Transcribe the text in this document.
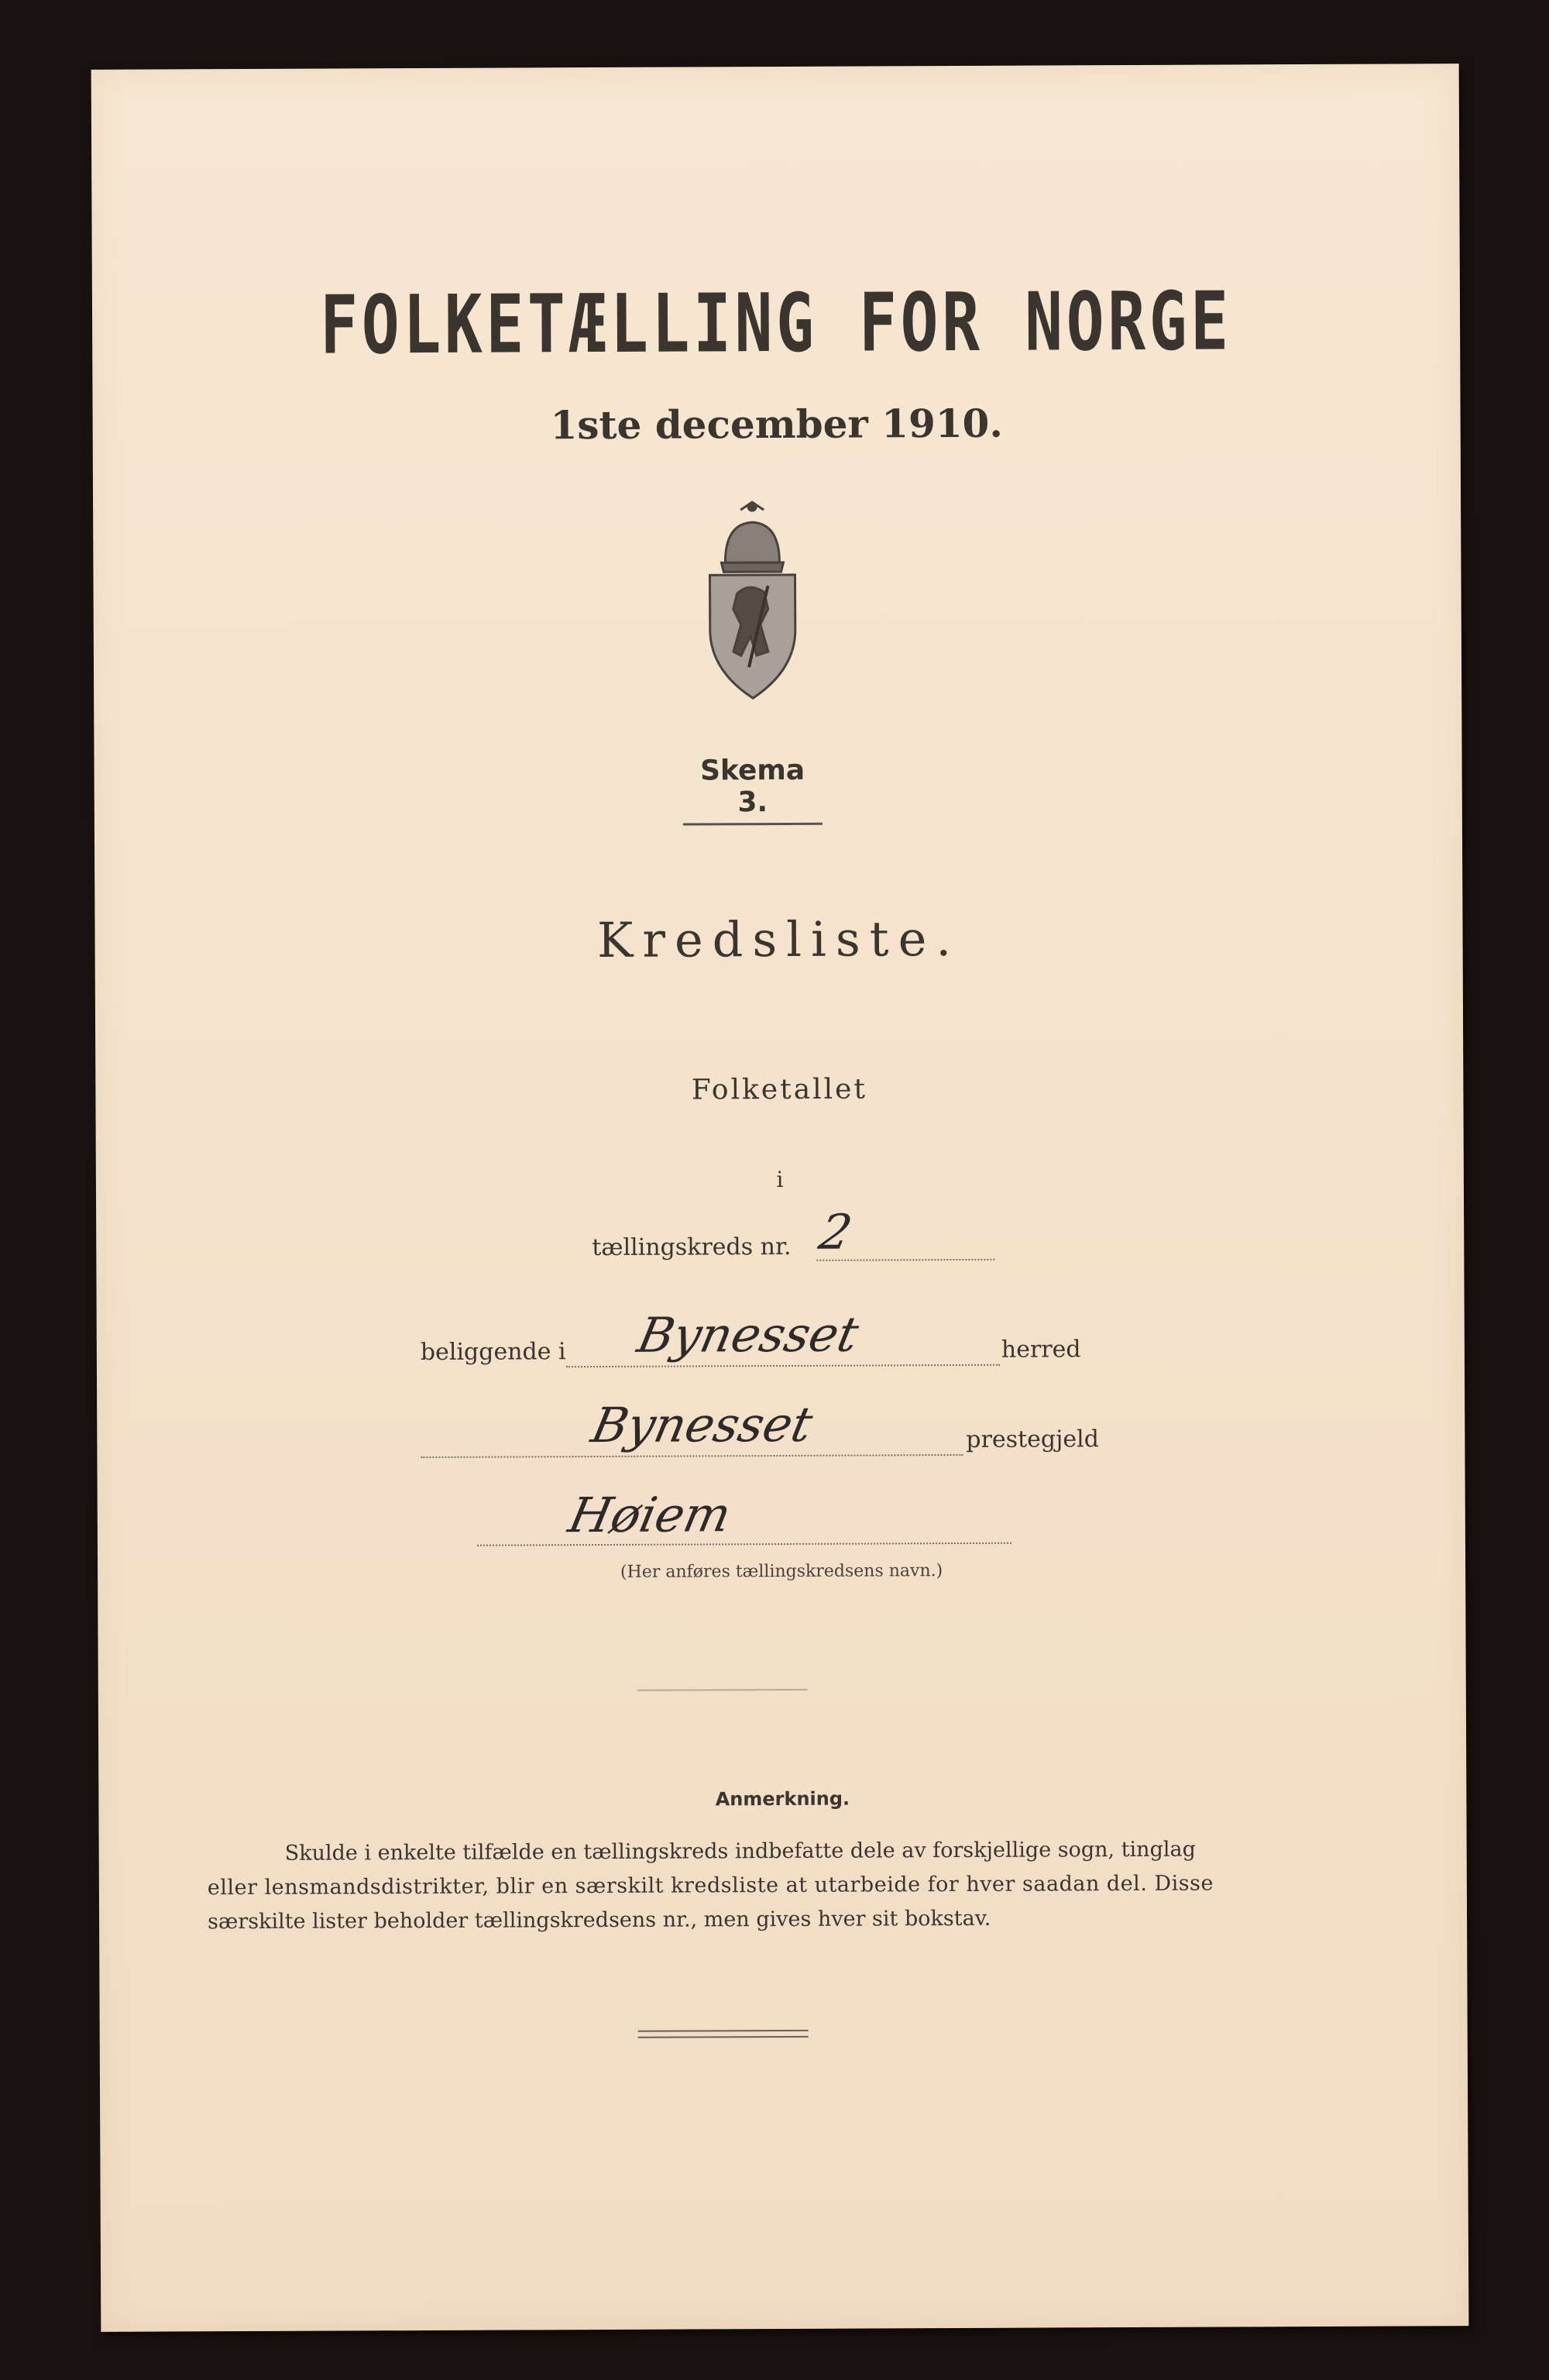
FOLKETÆLLING FOR NORGE
1ste december 1910.
Skema 3.
Kredsliste.
Folketallet
i
tællingskreds nr. 2
beliggende i Bynesset	herred
Bynesset	prestegjeld
Høiem
(Her anføres tællingskredsens navn.)
Anmerkning.

Skulde i enkelte tilfælde en tællingskreds indbefatte dele av forskjellige sogn, tinglag

eller lensmandsdistrikter, blir en særskilt kredsliste at utarbeide for hver saadan del. Disse

særskilte lister beholder tællingskredsens nr., men gives hver sit bokstav.
